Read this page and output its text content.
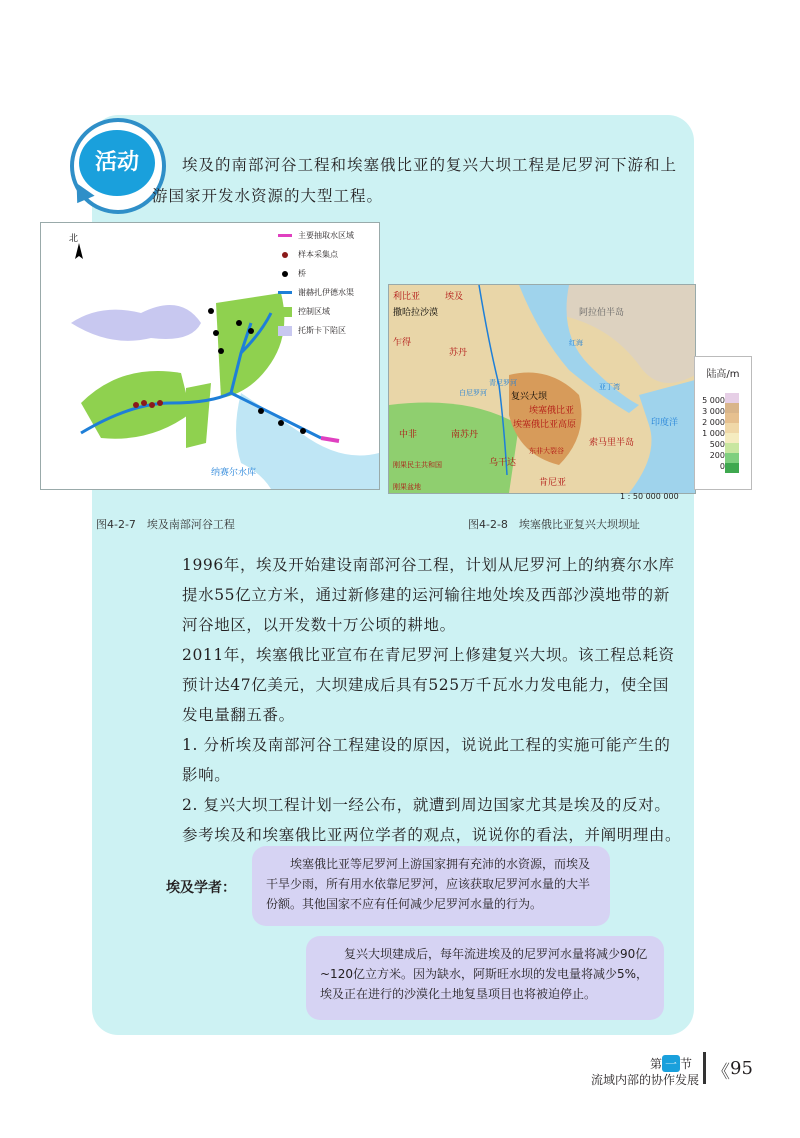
活动	埃及的南部河谷工程和埃塞俄比亚的复兴大坝工程是尼罗河下游和上
游国家开发水资源的大型工程。
北
纳赛尔水库
主要抽取水区域
样本采集点
桥
谢赫扎伊德水渠
控制区域
托斯卡下陷区
利比亚	埃及
撒哈拉沙漠	阿拉伯半岛
乍得
苏丹
复兴大坝
埃塞俄比亚高原
中非	南苏丹
刚果民主共和国
刚果盆地
印度洋
乌干达
肯尼亚
索马里半岛
青尼罗河
白尼罗河
红海
亚丁湾
埃塞俄比亚
东非大裂谷
陆高/m
5 000
3 000
2 000
1 000
500
200
0
1 : 50 000 000
图4-2-7　埃及南部河谷工程	图4-2-8　埃塞俄比亚复兴大坝坝址
1996年，埃及开始建设南部河谷工程，计划从尼罗河上的纳赛尔水库提水55亿立方米，通过新修建的运河输往地处埃及西部沙漠地带的新河谷地区，以开发数十万公顷的耕地。
2011年，埃塞俄比亚宣布在青尼罗河上修建复兴大坝。该工程总耗资预计达47亿美元，大坝建成后具有525万千瓦水力发电能力，使全国发电量翻五番。
1. 分析埃及南部河谷工程建设的原因，说说此工程的实施可能产生的影响。
2. 复兴大坝工程计划一经公布，就遭到周边国家尤其是埃及的反对。参考埃及和埃塞俄比亚两位学者的观点，说说你的看法，并阐明理由。
埃及学者：
埃塞俄比亚等尼罗河上游国家拥有充沛的水资源，而埃及干旱少雨，所有用水依靠尼罗河，应该获取尼罗河水量的大半份额。其他国家不应有任何减少尼罗河水量的行为。
复兴大坝建成后，每年流进埃及的尼罗河水量将减少90亿~120亿立方米。因为缺水，阿斯旺水坝的发电量将减少5%，埃及正在进行的沙漠化土地复垦项目也将被迫停止。
第 一 节
流域内部的协作发展 《 95
